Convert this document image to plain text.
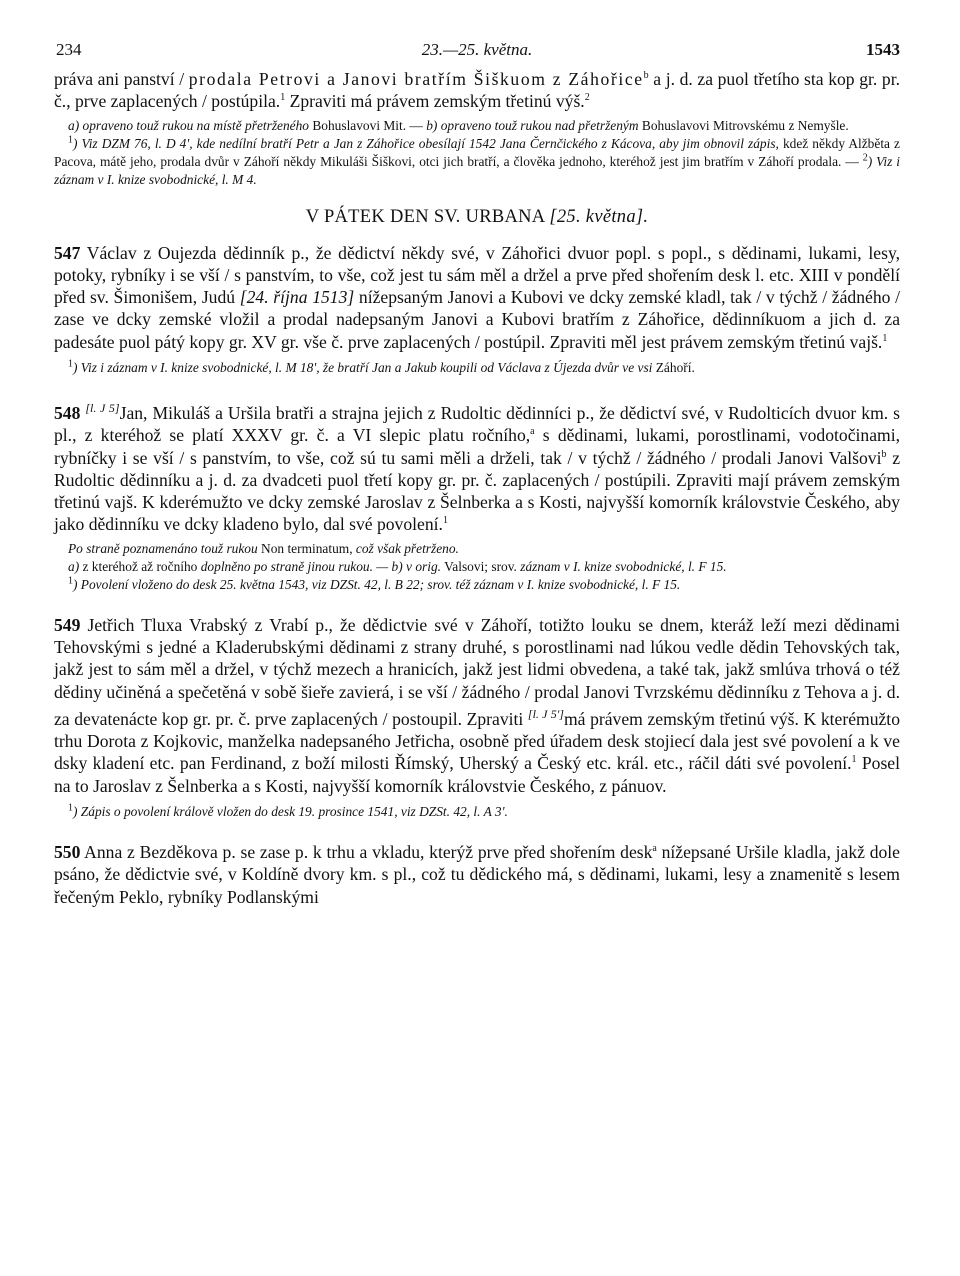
234	23.—25. května.	1543

práva ani panství / prodala Petrovi a Janovi bratřím Šiškuom z Záhořice$^b$ a j. d. za puol třetího sta kop gr. pr. č., prve zaplacených / postúpila.$^1$ Zpraviti má právem zemským třetinú výš.$^2$

a) opraveno touž rukou na místě přetrženého Bohuslavovi Mit. — b) opraveno touž rukou nad přetrženým Bohuslavovi Mitrovskému z Nemyšle.

$^1$) Viz DZM 76, l. D 4', kde nedílní bratří Petr a Jan z Záhořice obesílají 1542 Jana Černčického z Kácova, aby jim obnovil zápis, kdež někdy Alžběta z Pacova, mátě jeho, prodala dvůr v Záhoří někdy Mikuláši Šiškovi, otci jich bratří, a člověka jednoho, kteréhož jest jim bratřím v Záhoří prodala. — $^2$) Viz i záznam v I. knize svobodnické, l. M 4.

V PÁTEK DEN SV. URBANA [25. května].

547 Václav z Oujezda dědinník p., že dědictví někdy své, v Záhořici dvuor popl. s popl., s dědinami, lukami, lesy, potoky, rybníky i se vší / s panstvím, to vše, což jest tu sám měl a držel a prve před shořením desk l. etc. XIII v pondělí před sv. Šimonišem, Judú [24. října 1513] nížepsaným Janovi a Kubovi ve dcky zemské kladl, tak / v týchž / žádného / zase ve dcky zemské vložil a prodal nadepsaným Janovi a Kubovi bratřím z Záhořice, dědinníkuom a jich d. za padesáte puol pátý kopy gr. XV gr. vše č. prve zaplacených / postúpil. Zpraviti měl jest právem zemským třetinú vajš.$^1$

$^1$) Viz i záznam v I. knize svobodnické, l. M 18', že bratří Jan a Jakub koupili od Václava z Újezda dvůr ve vsi Záhoří.

548 [l. J 5]Jan, Mikuláš a Uršila bratři a strajna jejich z Rudoltic dědinníci p., že dědictví své, v Rudolticích dvuor km. s pl., z kteréhož se platí XXXV gr. č. a VI slepic platu ročního,$^a$ s dědinami, lukami, porostlinami, vodotočinami, rybníčky i se vší / s panstvím, to vše, což sú tu sami měli a drželi, tak / v týchž / žádného / prodali Janovi Valšovi$^b$ z Rudoltic dědinníku a j. d. za dvadceti puol třetí kopy gr. pr. č. zaplacených / postúpili. Zpraviti mají právem zemským třetinú vajš. K kderémužto ve dcky zemské Jaroslav z Šelnberka a s Kosti, najvyšší komorník královstvie Českého, aby jako dědinníku ve dcky kladeno bylo, dal své povolení.$^1$

Po straně poznamenáno touž rukou Non terminatum, což však přetrženo.

a) z kteréhož až ročního doplněno po straně jinou rukou. — b) v orig. Valsovi; srov. záznam v I. knize svobodnické, l. F 15.

$^1$) Povolení vloženo do desk 25. května 1543, viz DZSt. 42, l. B 22; srov. též záznam v I. knize svobodnické, l. F 15.

549 Jetřich Tluxa Vrabský z Vrabí p., že dědictvie své v Záhoří, totižto louku se dnem, kteráž leží mezi dědinami Tehovskými s jedné a Kladerubskými dědinami z strany druhé, s porostlinami nad lúkou vedle dědin Tehovských tak, jakž jest to sám měl a držel, v týchž mezech a hranicích, jakž jest lidmi obvedena, a také tak, jakž smlúva trhová o též dědiny učiněná a spečetěná v sobě šieře zavierá, i se vší / žádného / prodal Janovi Tvrzskému dědinníku z Tehova a j. d. za devatenácte kop gr. pr. č. prve zaplacených / postoupil. Zpraviti [l. J 5']má právem zemským třetinú výš. K kterémužto trhu Dorota z Kojkovic, manželka nadepsaného Jetřicha, osobně před úřadem desk stojiecí dala jest své povolení a k ve dsky kladení etc. pan Ferdinand, z boží milosti Římský, Uherský a Český etc. král. etc., ráčil dáti své povolení.$^1$ Posel na to Jaroslav z Šelnberka a s Kosti, najvyšší komorník královstvie Českého, z pánuov.

$^1$) Zápis o povolení králově vložen do desk 19. prosince 1541, viz DZSt. 42, l. A 3'.

550 Anna z Bezděkova p. se zase p. k trhu a vkladu, kterýž prve před shořením desk$^a$ nížepsané Uršile kladla, jakž dole psáno, že dědictvie své, v Koldíně dvory km. s pl., což tu dědického má, s dědinami, lukami, lesy a znamenitě s lesem řečeným Peklo, rybníky Podlanskými
